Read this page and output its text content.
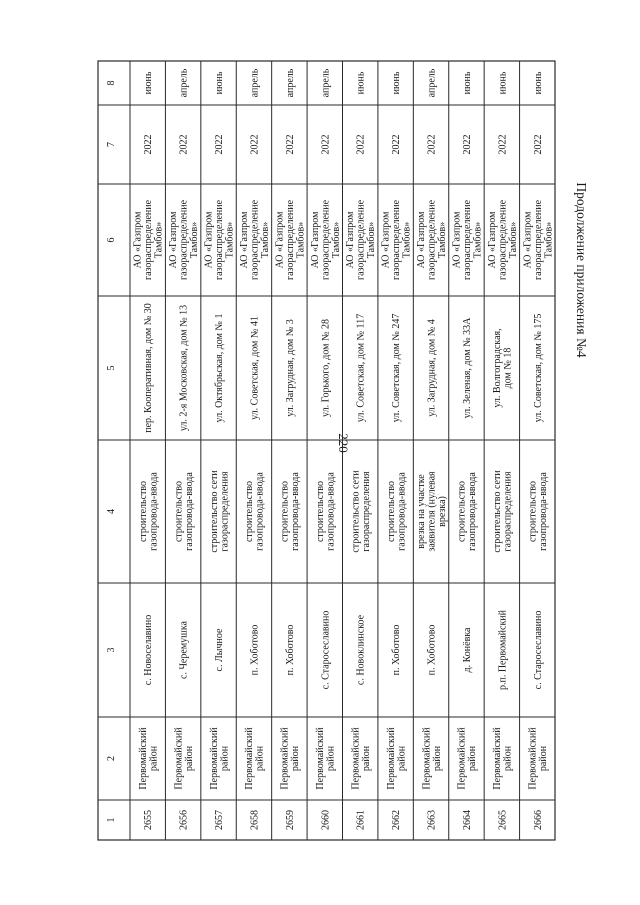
220
Продолжение приложения №4
1
2
3
4
5
6
7
8
2655
Первомайскийрайон
с. Новоселавино
строительствогазопровода-ввода
пер. Кооперативная, дом № 30
АО «ГазпромгазораспределениеТамбов»
2022
июнь
2656
Первомайскийрайон
с. Черемушка
строительствогазопровода-ввода
ул. 2-я Московская, дом № 13
АО «ГазпромгазораспределениеТамбов»
2022
апрель
2657
Первомайскийрайон
с. Лычное
строительство сетигазораспределения
ул. Октябрьская, дом № 1
АО «ГазпромгазораспределениеТамбов»
2022
июнь
2658
Первомайскийрайон
п. Хоботово
строительствогазопровода-ввода
ул. Советская, дом № 41
АО «ГазпромгазораспределениеТамбов»
2022
апрель
2659
Первомайскийрайон
п. Хоботово
строительствогазопровода-ввода
ул. Загрудная, дом № 3
АО «ГазпромгазораспределениеТамбов»
2022
апрель
2660
Первомайскийрайон
с. Старосеславино
строительствогазопровода-ввода
ул. Горького, дом № 28
АО «ГазпромгазораспределениеТамбов»
2022
апрель
2661
Первомайскийрайон
с. Новоклинское
строительство сетигазораспределения
ул. Советская, дом № 117
АО «ГазпромгазораспределениеТамбов»
2022
июнь
2662
Первомайскийрайон
п. Хоботово
строительствогазопровода-ввода
ул. Советская, дом № 247
АО «ГазпромгазораспределениеТамбов»
2022
июнь
2663
Первомайскийрайон
п. Хоботово
врезка на участкезаявителя (нулеваяврезка)
ул. Загрудная, дом № 4
АО «ГазпромгазораспределениеТамбов»
2022
апрель
2664
Первомайскийрайон
д. Конёвка
строительствогазопровода-ввода
ул. Зеленая, дом № 33А
АО «ГазпромгазораспределениеТамбов»
2022
июнь
2665
Первомайскийрайон
р.п. Первомайский
строительство сетигазораспределения
ул. Волгоградская,дом № 18
АО «ГазпромгазораспределениеТамбов»
2022
июнь
2666
Первомайскийрайон
с. Старосеславино
строительствогазопровода-ввода
ул. Советская, дом № 175
АО «ГазпромгазораспределениеТамбов»
2022
июнь
